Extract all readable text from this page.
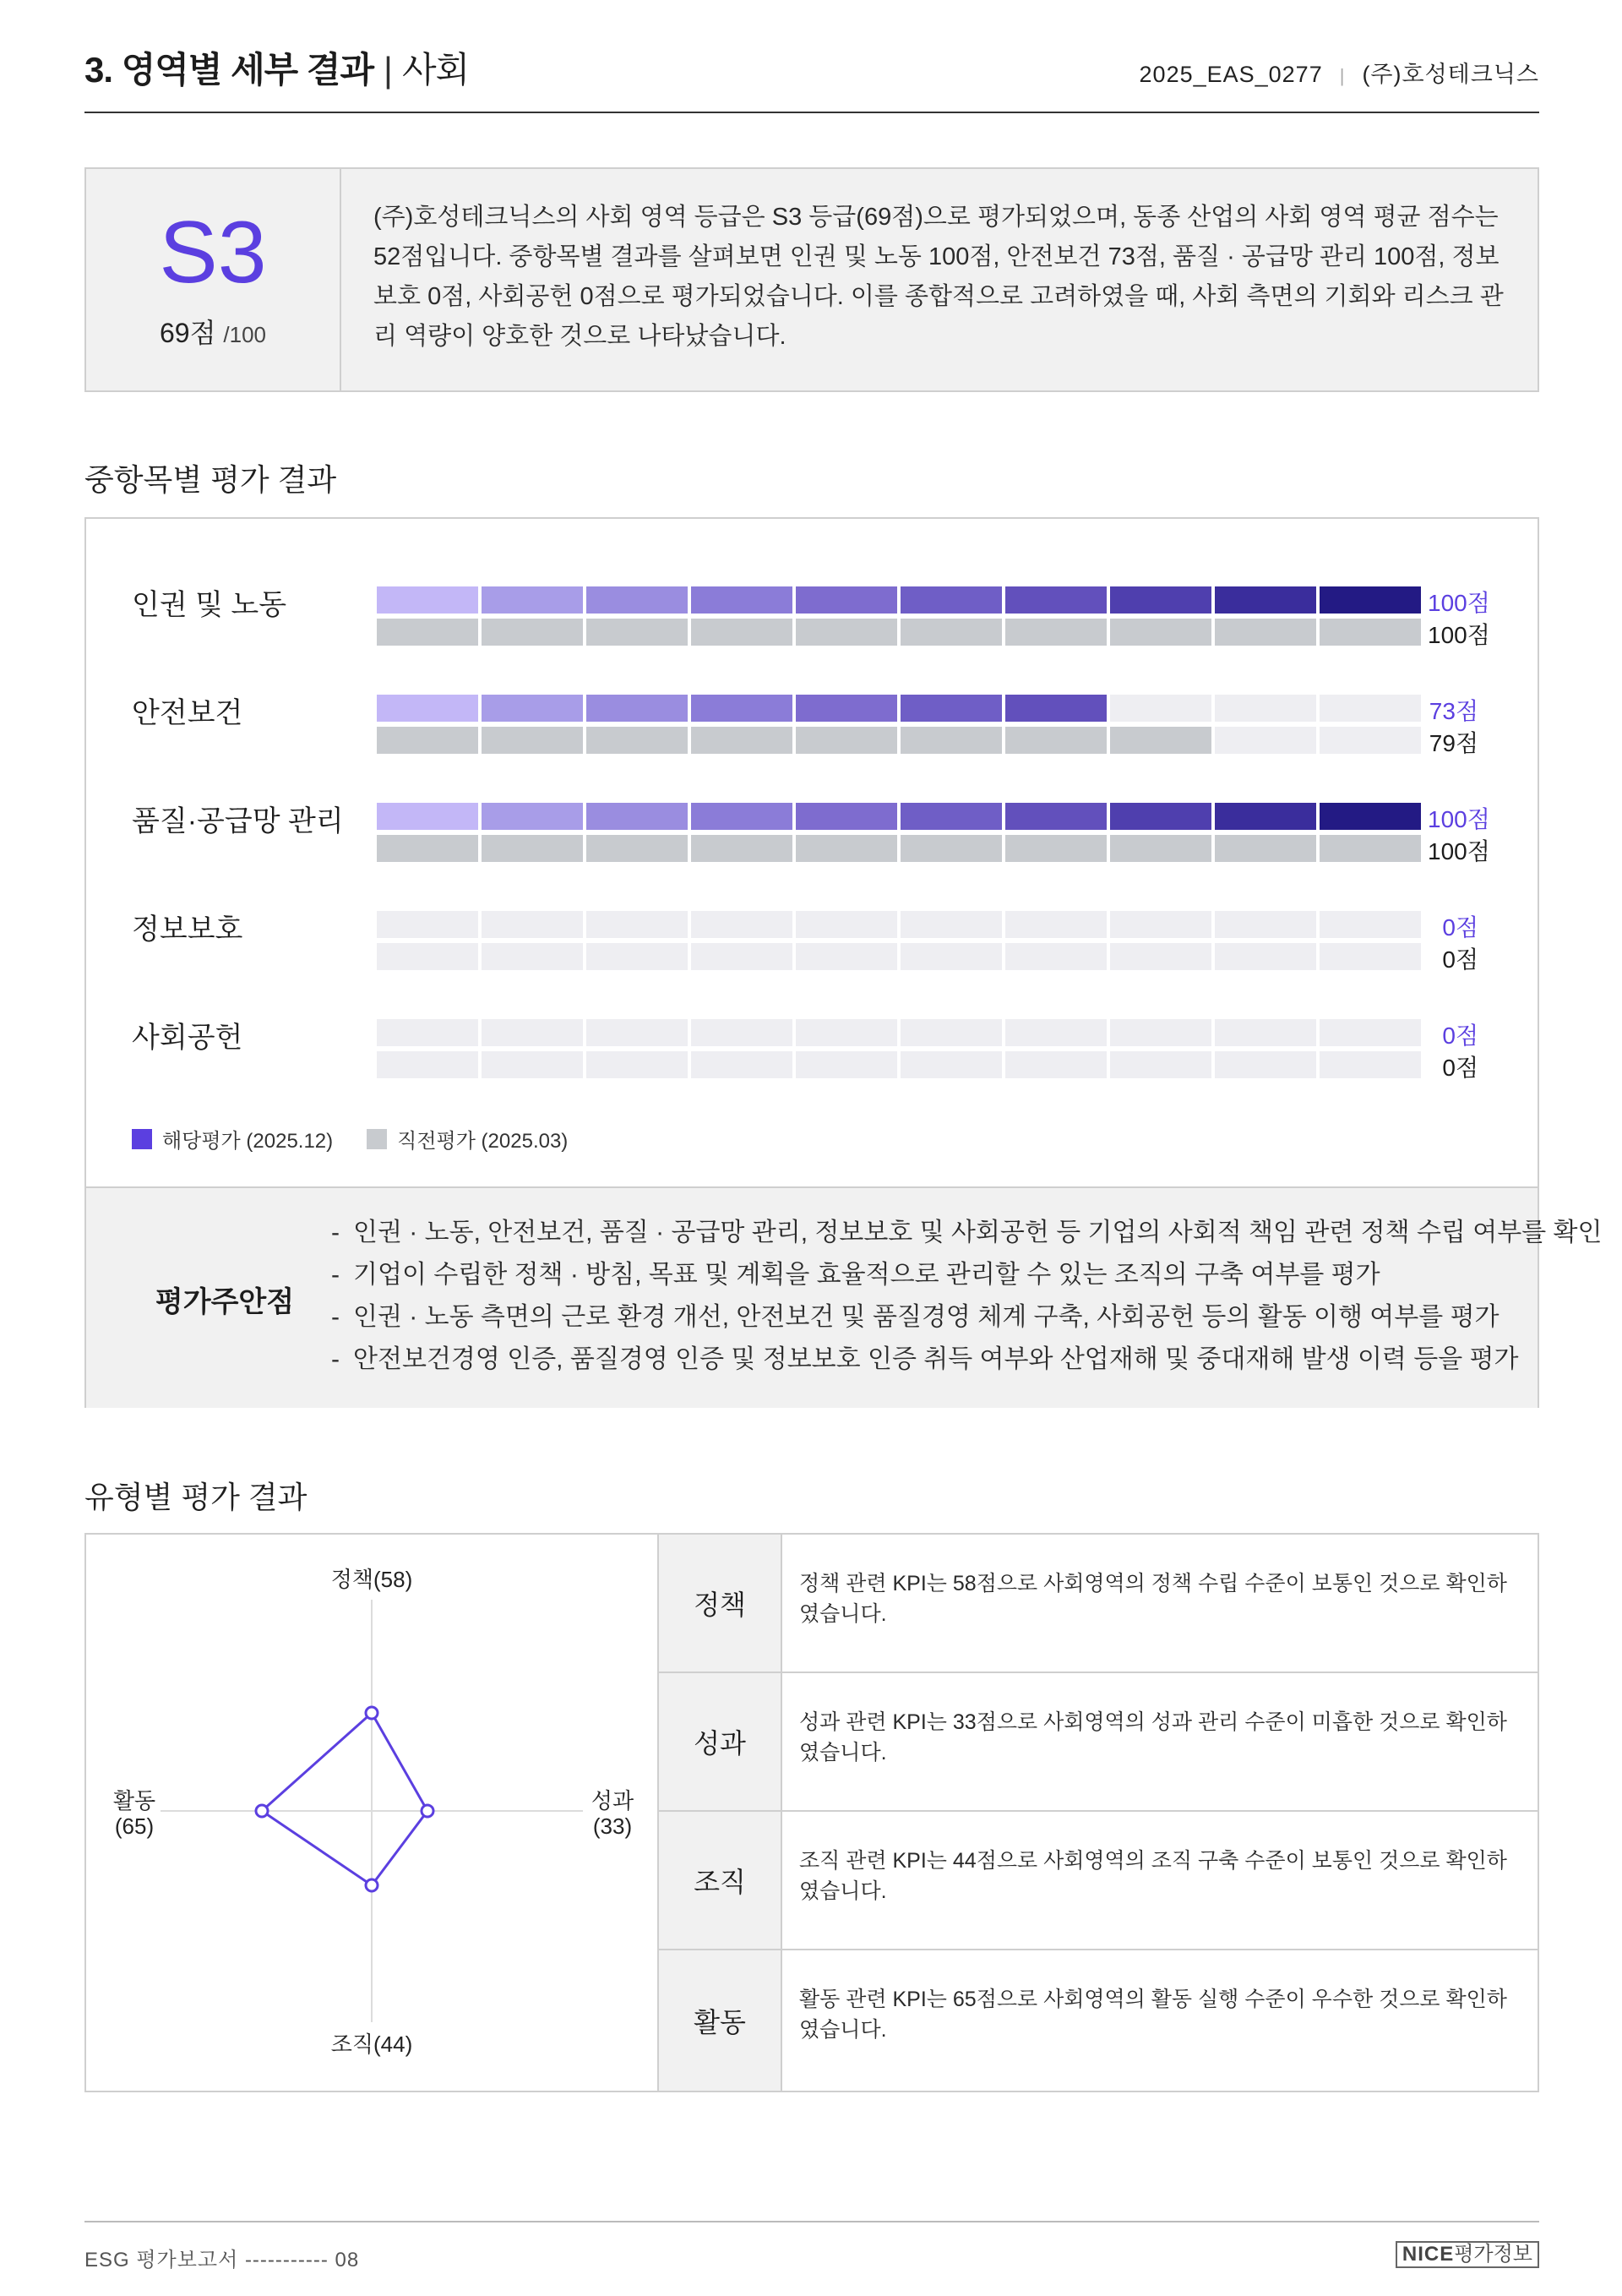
3. 영역별 세부 결과 | 사회	2025_EAS_0277 | (주)호성테크닉스
S3
69점 /100
(주)호성테크닉스의 사회 영역 등급은 S3 등급(69점)으로 평가되었으며, 동종 산업의 사회 영역 평균 점수는 52점입니다. 중항목별 결과를 살펴보면 인권 및 노동 100점, 안전보건 73점, 품질 · 공급망 관리 100점, 정보보호 0점, 사회공헌 0점으로 평가되었습니다. 이를 종합적으로 고려하였을 때, 사회 측면의 기회와 리스크 관리 역량이 양호한 것으로 나타났습니다.
중항목별 평가 결과
인권 및 노동	100점
100점
안전보건	73점
79점
품질·공급망 관리	100점
100점
정보보호	0점
0점
사회공헌	0점
0점
해당평가 (2025.12)	직전평가 (2025.03)
평가주안점
- 인권 · 노동, 안전보건, 품질 · 공급망 관리, 정보보호 및 사회공헌 등 기업의 사회적 책임 관련 정책 수립 여부를 확인
- 기업이 수립한 정책 · 방침, 목표 및 계획을 효율적으로 관리할 수 있는 조직의 구축 여부를 평가
- 인권 · 노동 측면의 근로 환경 개선, 안전보건 및 품질경영 체계 구축, 사회공헌 등의 활동 이행 여부를 평가
- 안전보건경영 인증, 품질경영 인증 및 정보보호 인증 취득 여부와 산업재해 및 중대재해 발생 이력 등을 평가
유형별 평가 결과
정책(58)
성과
(33)
조직(44)
활동
(65)
정책
정책 관련 KPI는 58점으로 사회영역의 정책 수립 수준이 보통인 것으로 확인하였습니다.
성과
성과 관련 KPI는 33점으로 사회영역의 성과 관리 수준이 미흡한 것으로 확인하였습니다.
조직
조직 관련 KPI는 44점으로 사회영역의 조직 구축 수준이 보통인 것으로 확인하였습니다.
활동
활동 관련 KPI는 65점으로 사회영역의 활동 실행 수준이 우수한 것으로 확인하였습니다.
ESG 평가보고서 ----------- 08	NICE평가정보
